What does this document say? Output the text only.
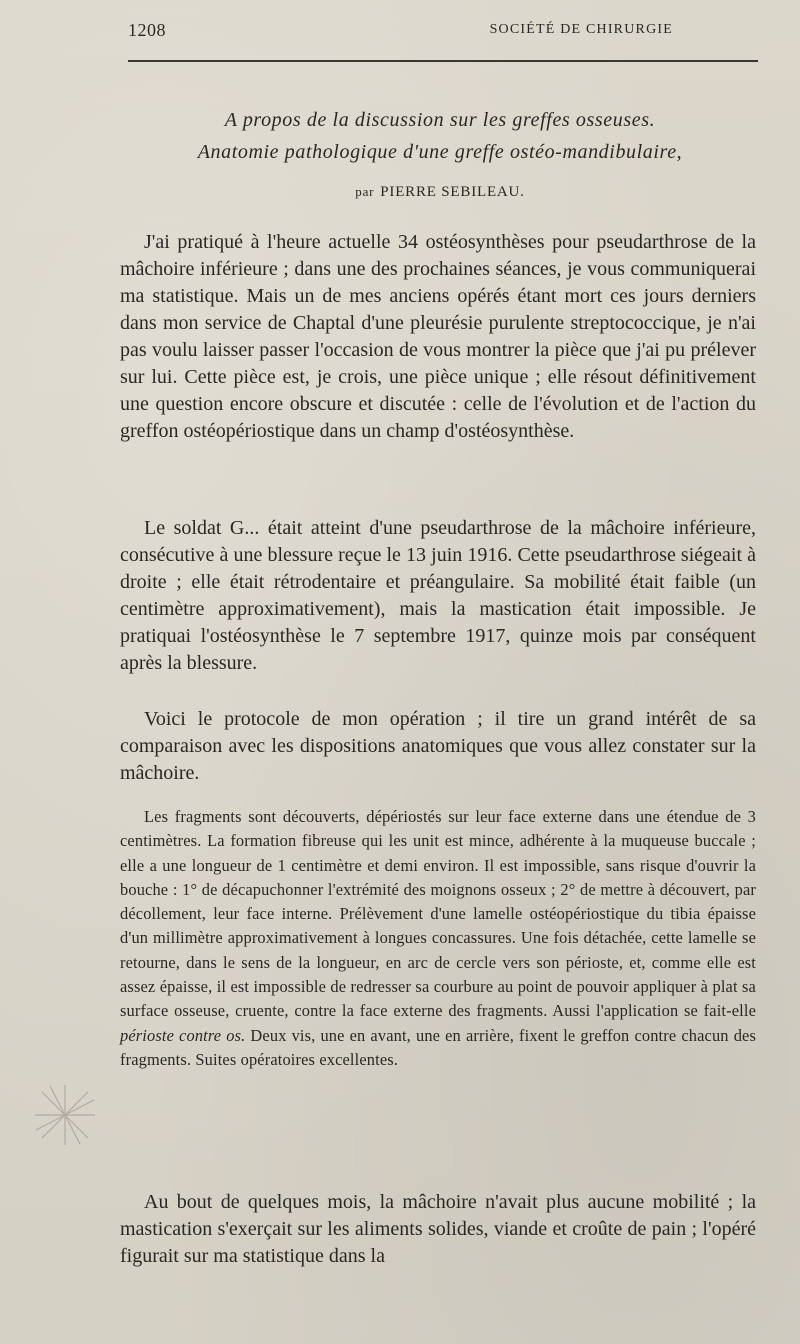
1208	SOCIÉTÉ DE CHIRURGIE
A propos de la discussion sur les greffes osseuses.
Anatomie pathologique d'une greffe ostéo-mandibulaire,
par PIERRE SEBILEAU.

J'ai pratiqué à l'heure actuelle 34 ostéosynthèses pour pseudarthrose de la mâchoire inférieure ; dans une des prochaines séances, je vous communiquerai ma statistique. Mais un de mes anciens opérés étant mort ces jours derniers dans mon service de Chaptal d'une pleurésie purulente streptococcique, je n'ai pas voulu laisser passer l'occasion de vous montrer la pièce que j'ai pu prélever sur lui. Cette pièce est, je crois, une pièce unique ; elle résout définitivement une question encore obscure et discutée : celle de l'évolution et de l'action du greffon ostéopériostique dans un champ d'ostéosynthèse.

Le soldat G... était atteint d'une pseudarthrose de la mâchoire inférieure, consécutive à une blessure reçue le 13 juin 1916. Cette pseudarthrose siégeait à droite ; elle était rétrodentaire et préangulaire. Sa mobilité était faible (un centimètre approximativement), mais la mastication était impossible. Je pratiquai l'ostéosynthèse le 7 septembre 1917, quinze mois par conséquent après la blessure.

Voici le protocole de mon opération ; il tire un grand intérêt de sa comparaison avec les dispositions anatomiques que vous allez constater sur la mâchoire.

Les fragments sont découverts, dépériostés sur leur face externe dans une étendue de 3 centimètres. La formation fibreuse qui les unit est mince, adhérente à la muqueuse buccale ; elle a une longueur de 1 centimètre et demi environ. Il est impossible, sans risque d'ouvrir la bouche : 1° de décapuchonner l'extrémité des moignons osseux ; 2° de mettre à découvert, par décollement, leur face interne. Prélèvement d'une lamelle ostéopériostique du tibia épaisse d'un millimètre approximativement à longues concassures. Une fois détachée, cette lamelle se retourne, dans le sens de la longueur, en arc de cercle vers son périoste, et, comme elle est assez épaisse, il est impossible de redresser sa courbure au point de pouvoir appliquer à plat sa surface osseuse, cruente, contre la face externe des fragments. Aussi l'application se fait-elle périoste contre os. Deux vis, une en avant, une en arrière, fixent le greffon contre chacun des fragments. Suites opératoires excellentes.

Au bout de quelques mois, la mâchoire n'avait plus aucune mobilité ; la mastication s'exerçait sur les aliments solides, viande et croûte de pain ; l'opéré figurait sur ma statistique dans la
